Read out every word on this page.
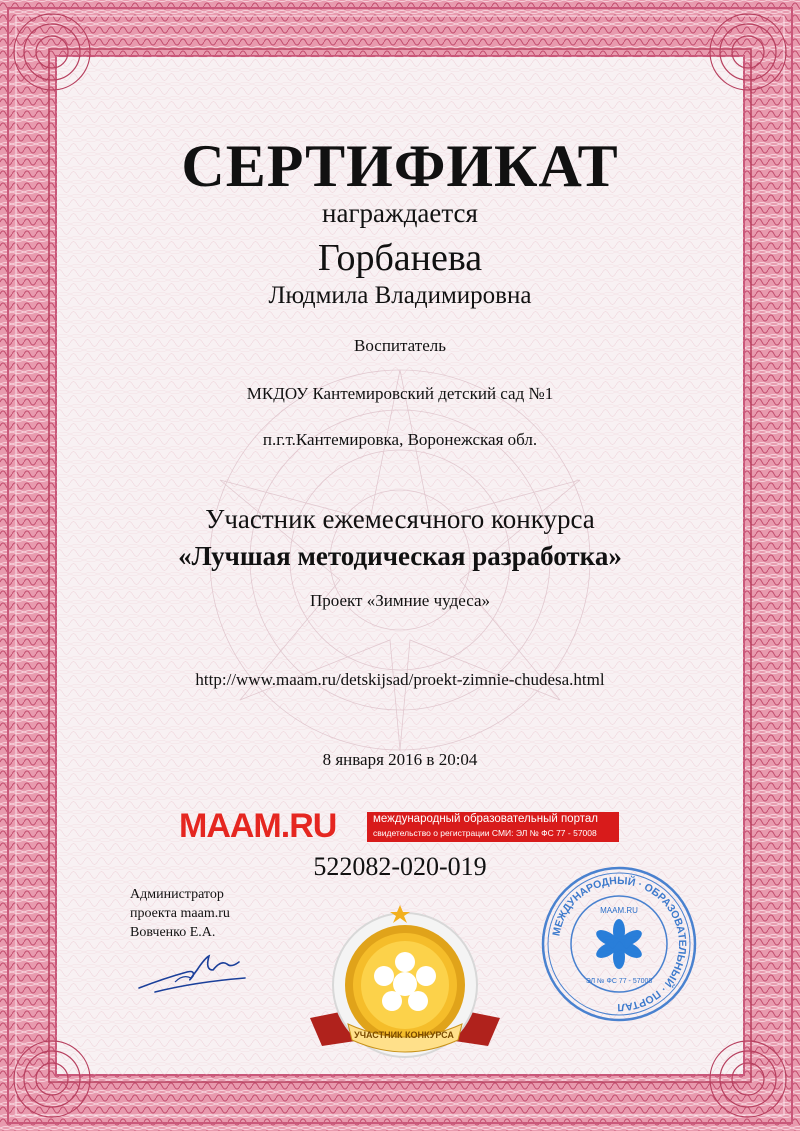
СЕРТИФИКАТ
награждается
Горбанева
Людмила Владимировна
Воспитатель
МКДОУ Кантемировский детский сад №1
п.г.т.Кантемировка, Воронежская обл.
Участник ежемесячного конкурса
«Лучшая методическая разработка»
Проект «Зимние чудеса»
http://www.maam.ru/detskijsad/proekt-zimnie-chudesa.html
8 января 2016 в 20:04
MAAM.RU	международный образовательный портал
свидетельство о регистрации СМИ: ЭЛ № ФС 77 - 57008
522082-020-019
Администратор
проекта maam.ru
Вовченко Е.А.
УЧАСТНИК КОНКУРСА
МЕЖДУНАРОДНЫЙ · ОБРАЗОВАТЕЛЬНЫЙ · ПОРТАЛ
MAAM.RU
ЭЛ № ФС 77 - 57008
